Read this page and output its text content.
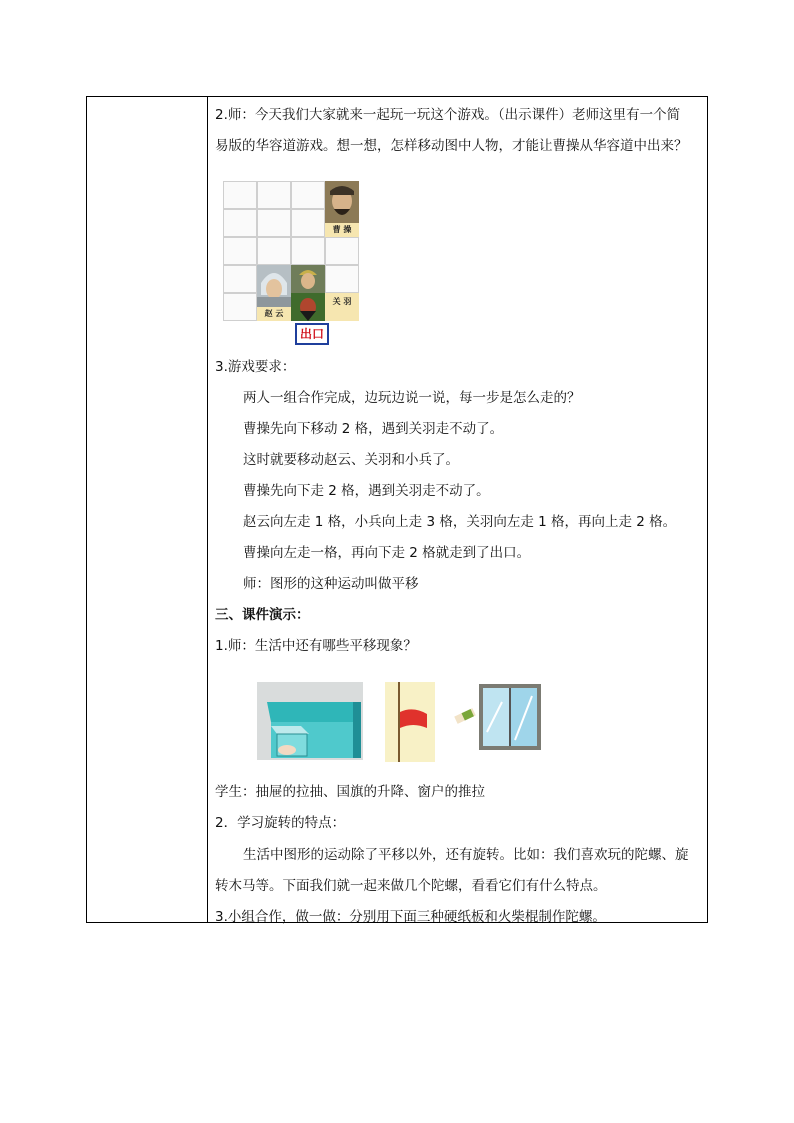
2.师：今天我们大家就来一起玩一玩这个游戏。（出示课件）老师这里有一个简
易版的华容道游戏。想一想，怎样移动图中人物，才能让曹操从华容道中出来？
曹 操
赵 云
关 羽
出口
3.游戏要求：
两人一组合作完成，边玩边说一说，每一步是怎么走的？
曹操先向下移动 2 格，遇到关羽走不动了。
这时就要移动赵云、关羽和小兵了。
曹操先向下走 2 格，遇到关羽走不动了。
赵云向左走 1 格，小兵向上走 3 格，关羽向左走 1 格，再向上走 2 格。
曹操向左走一格，再向下走 2 格就走到了出口。
师：图形的这种运动叫做平移
三、课件演示：
1.师：生活中还有哪些平移现象？
学生：抽屉的拉抽、国旗的升降、窗户的推拉
2．学习旋转的特点：
生活中图形的运动除了平移以外，还有旋转。比如：我们喜欢玩的陀螺、旋
转木马等。下面我们就一起来做几个陀螺，看看它们有什么特点。
3.小组合作，做一做：分别用下面三种硬纸板和火柴棍制作陀螺。
